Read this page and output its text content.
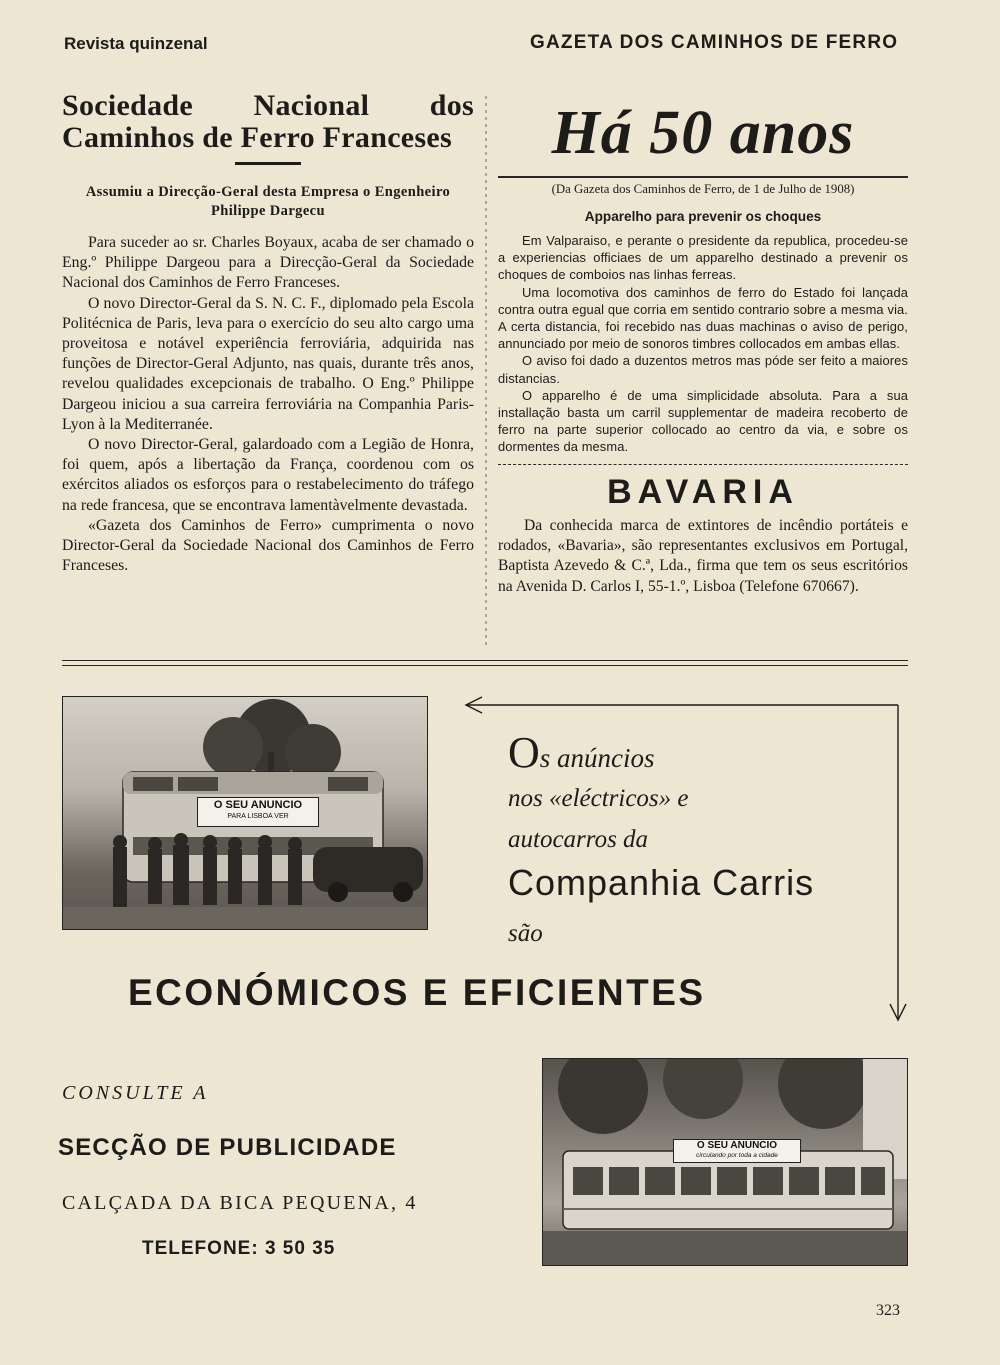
Revista quinzenal	GAZETA DOS CAMINHOS DE FERRO
Sociedade Nacional dos Caminhos de Ferro Franceses

Assumiu a Direcção-Geral desta Empresa o Engenheiro Philippe Dargecu

Para suceder ao sr. Charles Boyaux, acaba de ser chamado o Eng.º Philippe Dargeou para a Direcção-Geral da Sociedade Nacional dos Caminhos de Ferro Franceses.

O novo Director-Geral da S. N. C. F., diplomado pela Escola Politécnica de Paris, leva para o exercício do seu alto cargo uma proveitosa e notável experiência ferroviária, adquirida nas funções de Director-Geral Adjunto, nas quais, durante três anos, revelou qualidades excepcionais de trabalho. O Eng.º Philippe Dargeou iniciou a sua carreira ferroviária na Companhia Paris-Lyon à la Mediterranée.

O novo Director-Geral, galardoado com a Legião de Honra, foi quem, após a libertação da França, coordenou com os exércitos aliados os esforços para o restabelecimento do tráfego na rede francesa, que se encontrava lamentàvelmente devastada.

«Gazeta dos Caminhos de Ferro» cumprimenta o novo Director-Geral da Sociedade Nacional dos Caminhos de Ferro Franceses.

Há 50 anos

(Da Gazeta dos Caminhos de Ferro, de 1 de Julho de 1908)

Apparelho para prevenir os choques

Em Valparaiso, e perante o presidente da republica, procedeu-se a experiencias officiaes de um apparelho destinado a prevenir os choques de comboios nas linhas ferreas.

Uma locomotiva dos caminhos de ferro do Estado foi lançada contra outra egual que corria em sentido contrario sobre a mesma via. A certa distancia, foi recebido nas duas machinas o aviso de perigo, annunciado por meio de sonoros timbres collocados em ambas ellas.

O aviso foi dado a duzentos metros mas póde ser feito a maiores distancias.

O apparelho é de uma simplicidade absoluta. Para a sua installação basta um carril supplementar de madeira recoberto de ferro na parte superior collocado ao centro da via, e sobre os dormentes da mesma.

BAVARIA

Da conhecida marca de extintores de incêndio portáteis e rodados, «Bavaria», são representantes exclusivos em Portugal, Baptista Azevedo & C.ª, Lda., firma que tem os seus escritórios na Avenida D. Carlos I, 55-1.º, Lisboa (Telefone 670667).

O SEU ANUNCIO
PARA LISBOA VER
Os anúncios
nos «eléctricos» e
autocarros da
Companhia Carris
são
ECONÓMICOS E EFICIENTES
CONSULTE A
SECÇÃO DE PUBLICIDADE
CALÇADA DA BICA PEQUENA, 4
TELEFONE: 3 50 35
O SEU ANUNCIO
circulando por toda a cidade
323
